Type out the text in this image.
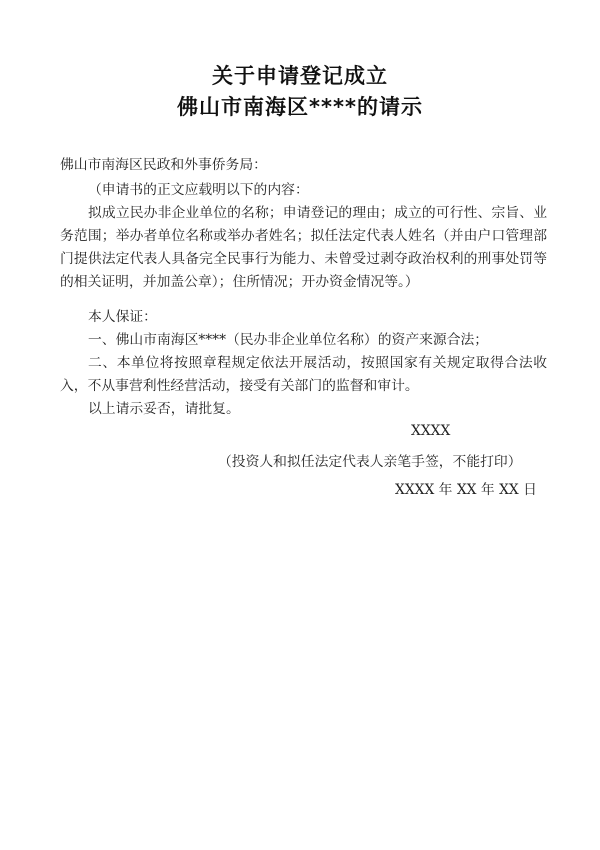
关于申请登记成立
佛山市南海区****的请示
佛山市南海区民政和外事侨务局：
（申请书的正文应载明以下的内容：
拟成立民办非企业单位的名称；申请登记的理由；成立的可行性、宗旨、业务范围；举办者单位名称或举办者姓名；拟任法定代表人姓名（并由户口管理部门提供法定代表人具备完全民事行为能力、未曾受过剥夺政治权利的刑事处罚等的相关证明，并加盖公章）；住所情况；开办资金情况等。）
本人保证：
一、佛山市南海区****（民办非企业单位名称）的资产来源合法；
二、本单位将按照章程规定依法开展活动，按照国家有关规定取得合法收入，不从事营利性经营活动，接受有关部门的监督和审计。
以上请示妥否，请批复。
XXXX
（投资人和拟任法定代表人亲笔手签，不能打印）
XXXX 年 XX 年 XX 日
